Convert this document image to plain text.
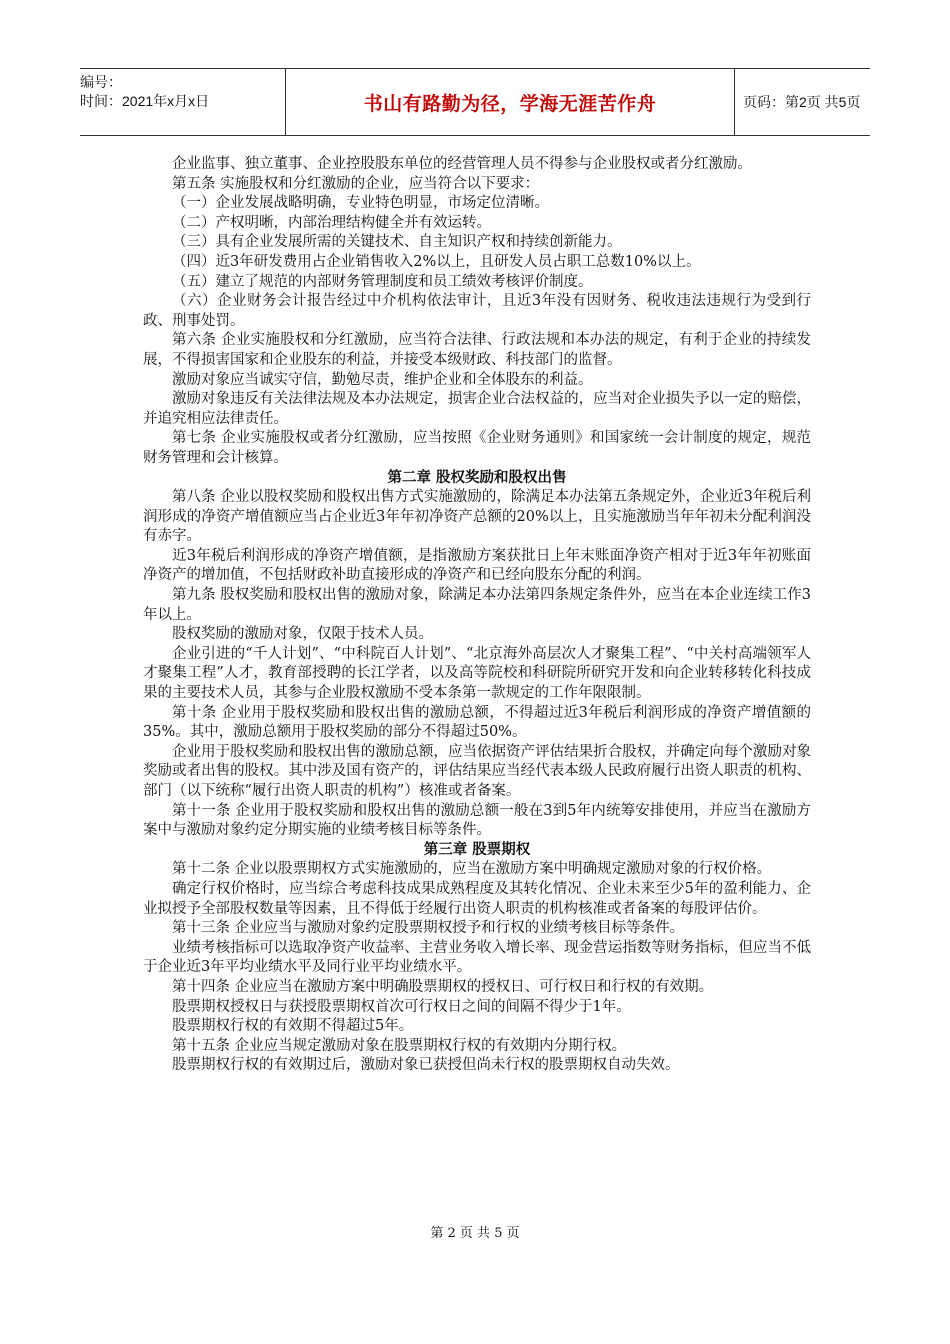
编号：
时间：2021年x月x日	书山有路勤为径，学海无涯苦作舟	页码：第2页 共5页

企业监事、独立董事、企业控股股东单位的经营管理人员不得参与企业股权或者分红激励。

第五条 实施股权和分红激励的企业，应当符合以下要求：

（一）企业发展战略明确，专业特色明显，市场定位清晰。

（二）产权明晰，内部治理结构健全并有效运转。

（三）具有企业发展所需的关键技术、自主知识产权和持续创新能力。

（四）近3年研发费用占企业销售收入2%以上，且研发人员占职工总数10%以上。

（五）建立了规范的内部财务管理制度和员工绩效考核评价制度。

（六）企业财务会计报告经过中介机构依法审计，且近3年没有因财务、税收违法违规行为受到行政、刑事处罚。

第六条 企业实施股权和分红激励，应当符合法律、行政法规和本办法的规定，有利于企业的持续发展，不得损害国家和企业股东的利益，并接受本级财政、科技部门的监督。

激励对象应当诚实守信，勤勉尽责，维护企业和全体股东的利益。

激励对象违反有关法律法规及本办法规定，损害企业合法权益的，应当对企业损失予以一定的赔偿，并追究相应法律责任。

第七条 企业实施股权或者分红激励，应当按照《企业财务通则》和国家统一会计制度的规定，规范财务管理和会计核算。

第二章 股权奖励和股权出售

第八条 企业以股权奖励和股权出售方式实施激励的，除满足本办法第五条规定外，企业近3年税后利润形成的净资产增值额应当占企业近3年年初净资产总额的20%以上，且实施激励当年年初未分配利润没有赤字。

近3年税后利润形成的净资产增值额，是指激励方案获批日上年末账面净资产相对于近3年年初账面净资产的增加值，不包括财政补助直接形成的净资产和已经向股东分配的利润。

第九条 股权奖励和股权出售的激励对象，除满足本办法第四条规定条件外，应当在本企业连续工作3年以上。

股权奖励的激励对象，仅限于技术人员。

企业引进的“千人计划”、“中科院百人计划”、“北京海外高层次人才聚集工程”、“中关村高端领军人才聚集工程”人才，教育部授聘的长江学者，以及高等院校和科研院所研究开发和向企业转移转化科技成果的主要技术人员，其参与企业股权激励不受本条第一款规定的工作年限限制。

第十条 企业用于股权奖励和股权出售的激励总额，不得超过近3年税后利润形成的净资产增值额的35%。其中，激励总额用于股权奖励的部分不得超过50%。

企业用于股权奖励和股权出售的激励总额，应当依据资产评估结果折合股权，并确定向每个激励对象奖励或者出售的股权。其中涉及国有资产的，评估结果应当经代表本级人民政府履行出资人职责的机构、部门（以下统称“履行出资人职责的机构”）核准或者备案。

第十一条 企业用于股权奖励和股权出售的激励总额一般在3到5年内统筹安排使用，并应当在激励方案中与激励对象约定分期实施的业绩考核目标等条件。

第三章 股票期权

第十二条 企业以股票期权方式实施激励的，应当在激励方案中明确规定激励对象的行权价格。

确定行权价格时，应当综合考虑科技成果成熟程度及其转化情况、企业未来至少5年的盈利能力、企业拟授予全部股权数量等因素，且不得低于经履行出资人职责的机构核准或者备案的每股评估价。

第十三条 企业应当与激励对象约定股票期权授予和行权的业绩考核目标等条件。

业绩考核指标可以选取净资产收益率、主营业务收入增长率、现金营运指数等财务指标，但应当不低于企业近3年平均业绩水平及同行业平均业绩水平。

第十四条 企业应当在激励方案中明确股票期权的授权日、可行权日和行权的有效期。

股票期权授权日与获授股票期权首次可行权日之间的间隔不得少于1年。

股票期权行权的有效期不得超过5年。

第十五条 企业应当规定激励对象在股票期权行权的有效期内分期行权。

股票期权行权的有效期过后，激励对象已获授但尚未行权的股票期权自动失效。

第 2 页 共 5 页
